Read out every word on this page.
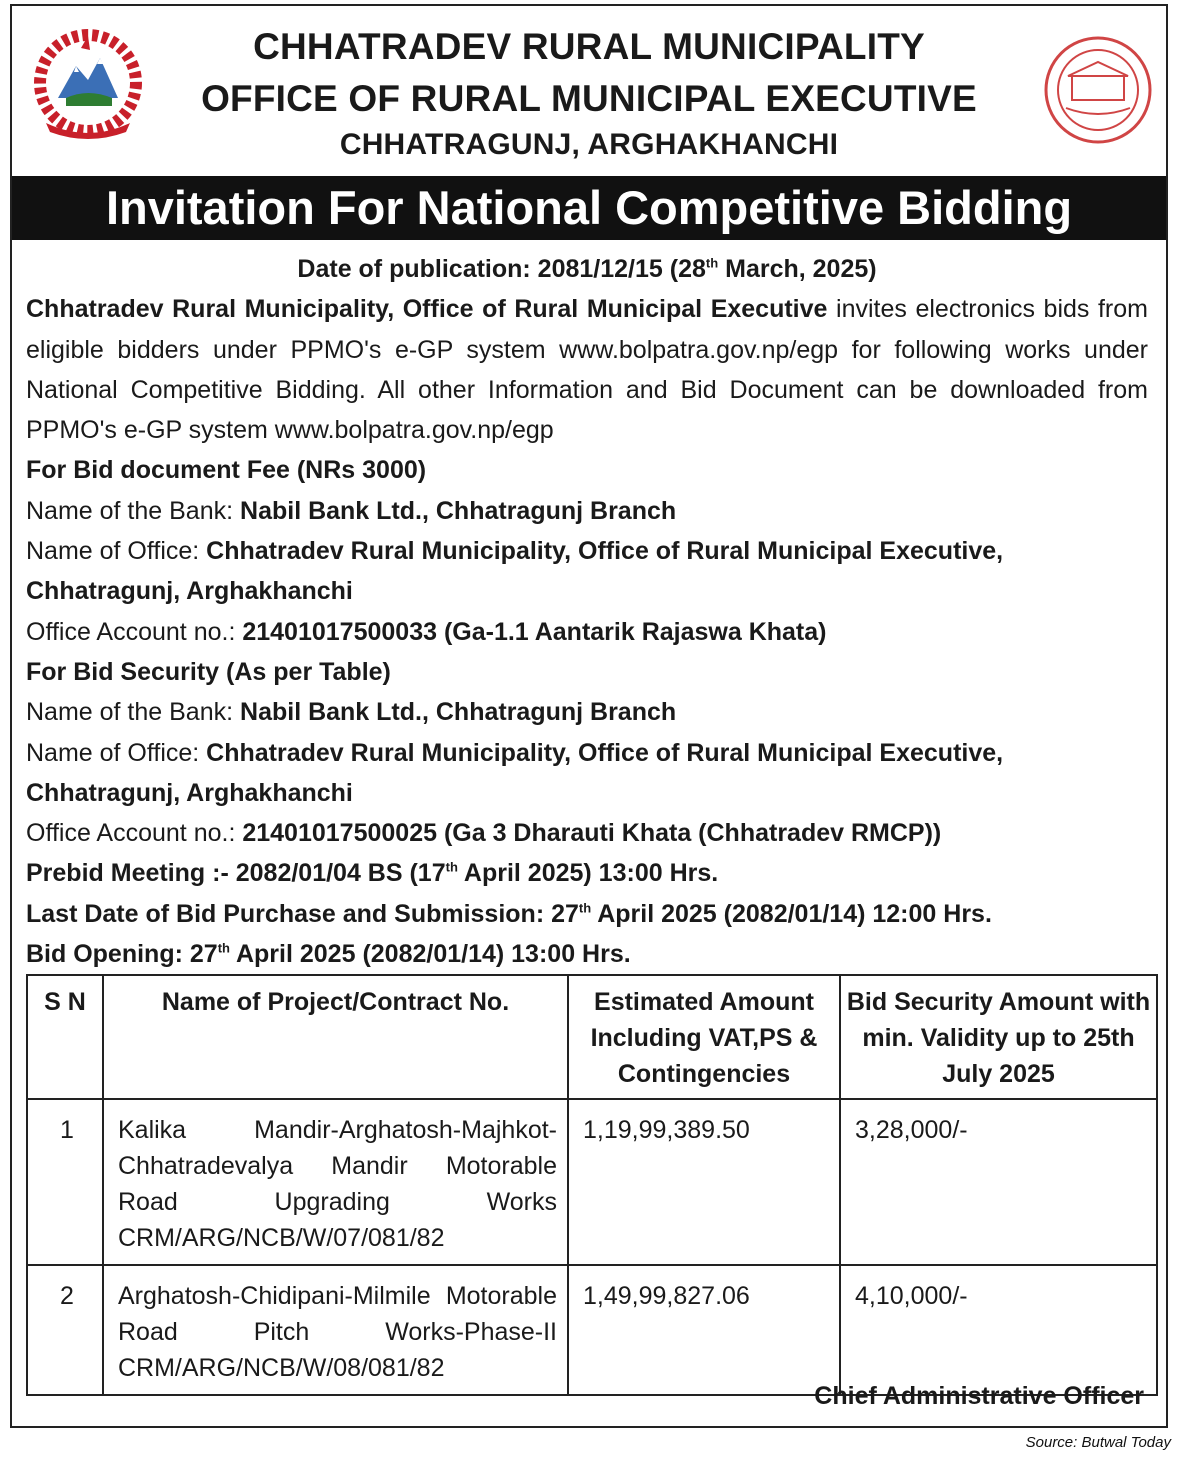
CHHATRADEV RURAL MUNICIPALITY
OFFICE OF RURAL MUNICIPAL EXECUTIVE
CHHATRAGUNJ, ARGHAKHANCHI
Invitation For National Competitive Bidding

Date of publication: 2081/12/15 (28th March, 2025)

Chhatradev Rural Municipality, Office of Rural Municipal Executive invites electronics bids from eligible bidders under PPMO's e-GP system www.bolpatra.gov.np/egp for following works under National Competitive Bidding. All other Information and Bid Document can be downloaded from PPMO's e-GP system www.bolpatra.gov.np/egp

For Bid document Fee (NRs 3000)

Name of the Bank: Nabil Bank Ltd., Chhatragunj Branch

Name of Office: Chhatradev Rural Municipality, Office of Rural Municipal Executive, Chhatragunj, Arghakhanchi

Office Account no.: 21401017500033 (Ga-1.1 Aantarik Rajaswa Khata)

For Bid Security (As per Table)

Name of the Bank: Nabil Bank Ltd., Chhatragunj Branch

Name of Office: Chhatradev Rural Municipality, Office of Rural Municipal Executive, Chhatragunj, Arghakhanchi

Office Account no.: 21401017500025 (Ga 3 Dharauti Khata (Chhatradev RMCP))

Prebid Meeting :- 2082/01/04 BS (17th April 2025) 13:00 Hrs.

Last Date of Bid Purchase and Submission: 27th April 2025 (2082/01/14) 12:00 Hrs.

Bid Opening: 27th April 2025 (2082/01/14) 13:00 Hrs.

S N	Name of Project/Contract No.	Estimated Amount Including VAT,PS & Contingencies	Bid Security Amount with min. Validity up to 25th July 2025
1	Kalika Mandir-Arghatosh-Majhkot-Chhatradevalya Mandir Motorable Road Upgrading Works CRM/ARG/NCB/W/07/081/82	1,19,99,389.50	3,28,000/-
2	Arghatosh-Chidipani-Milmile Motorable Road Pitch Works-Phase-II CRM/ARG/NCB/W/08/081/82	1,49,99,827.06	4,10,000/-
Chief Administrative Officer
Source: Butwal Today
